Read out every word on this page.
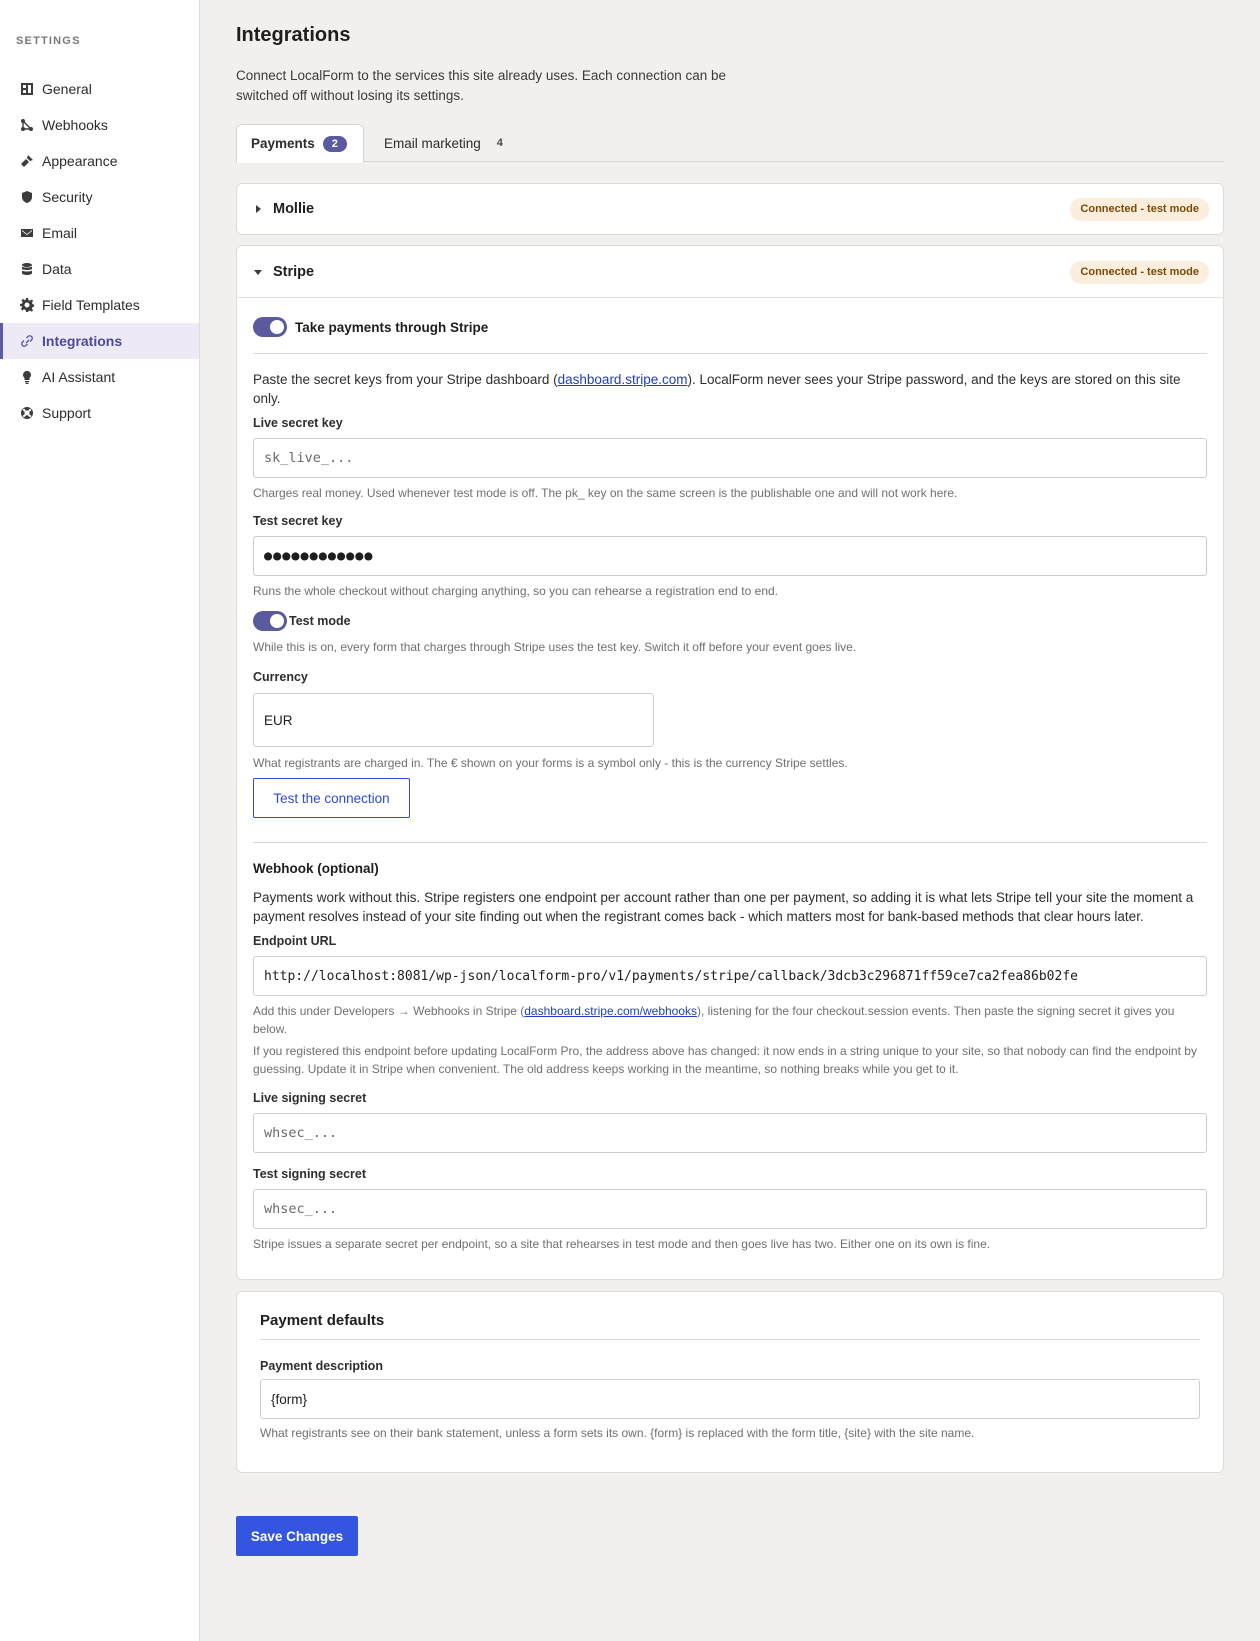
SETTINGS
General
Webhooks
Appearance
Security
Email
Data
Field Templates
Integrations
AI Assistant
Support
Integrations

Connect LocalForm to the services this site already uses. Each connection can be switched off without losing its settings.

Payments	2	Email marketing 4
Mollie	Connected - test mode
Stripe	Connected - test mode
Take payments through Stripe

Paste the secret keys from your Stripe dashboard (dashboard.stripe.com). LocalForm never sees your Stripe password, and the keys are stored on this site only.

Live secret key
sk_live_...

Charges real money. Used whenever test mode is off. The pk_ key on the same screen is the publishable one and will not work here.

Test secret key
●●●●●●●●●●●●

Runs the whole checkout without charging anything, so you can rehearse a registration end to end.

Test mode

While this is on, every form that charges through Stripe uses the test key. Switch it off before your event goes live.

Currency
EUR

What registrants are charged in. The € shown on your forms is a symbol only - this is the currency Stripe settles.

Test the connection
Webhook (optional)

Payments work without this. Stripe registers one endpoint per account rather than one per payment, so adding it is what lets Stripe tell your site the moment a payment resolves instead of your site finding out when the registrant comes back - which matters most for bank-based methods that clear hours later.

Endpoint URL
http://localhost:8081/wp-json/localform-pro/v1/payments/stripe/callback/3dcb3c296871ff59ce7ca2fea86b02fe

Add this under Developers → Webhooks in Stripe (dashboard.stripe.com/webhooks), listening for the four checkout.session events. Then paste the signing secret it gives you below.

If you registered this endpoint before updating LocalForm Pro, the address above has changed: it now ends in a string unique to your site, so that nobody can find the endpoint by guessing. Update it in Stripe when convenient. The old address keeps working in the meantime, so nothing breaks while you get to it.

Live signing secret
whsec_...
Test signing secret
whsec_...

Stripe issues a separate secret per endpoint, so a site that rehearses in test mode and then goes live has two. Either one on its own is fine.

Payment defaults
Payment description
{form}

What registrants see on their bank statement, unless a form sets its own. {form} is replaced with the form title, {site} with the site name.

Save Changes
